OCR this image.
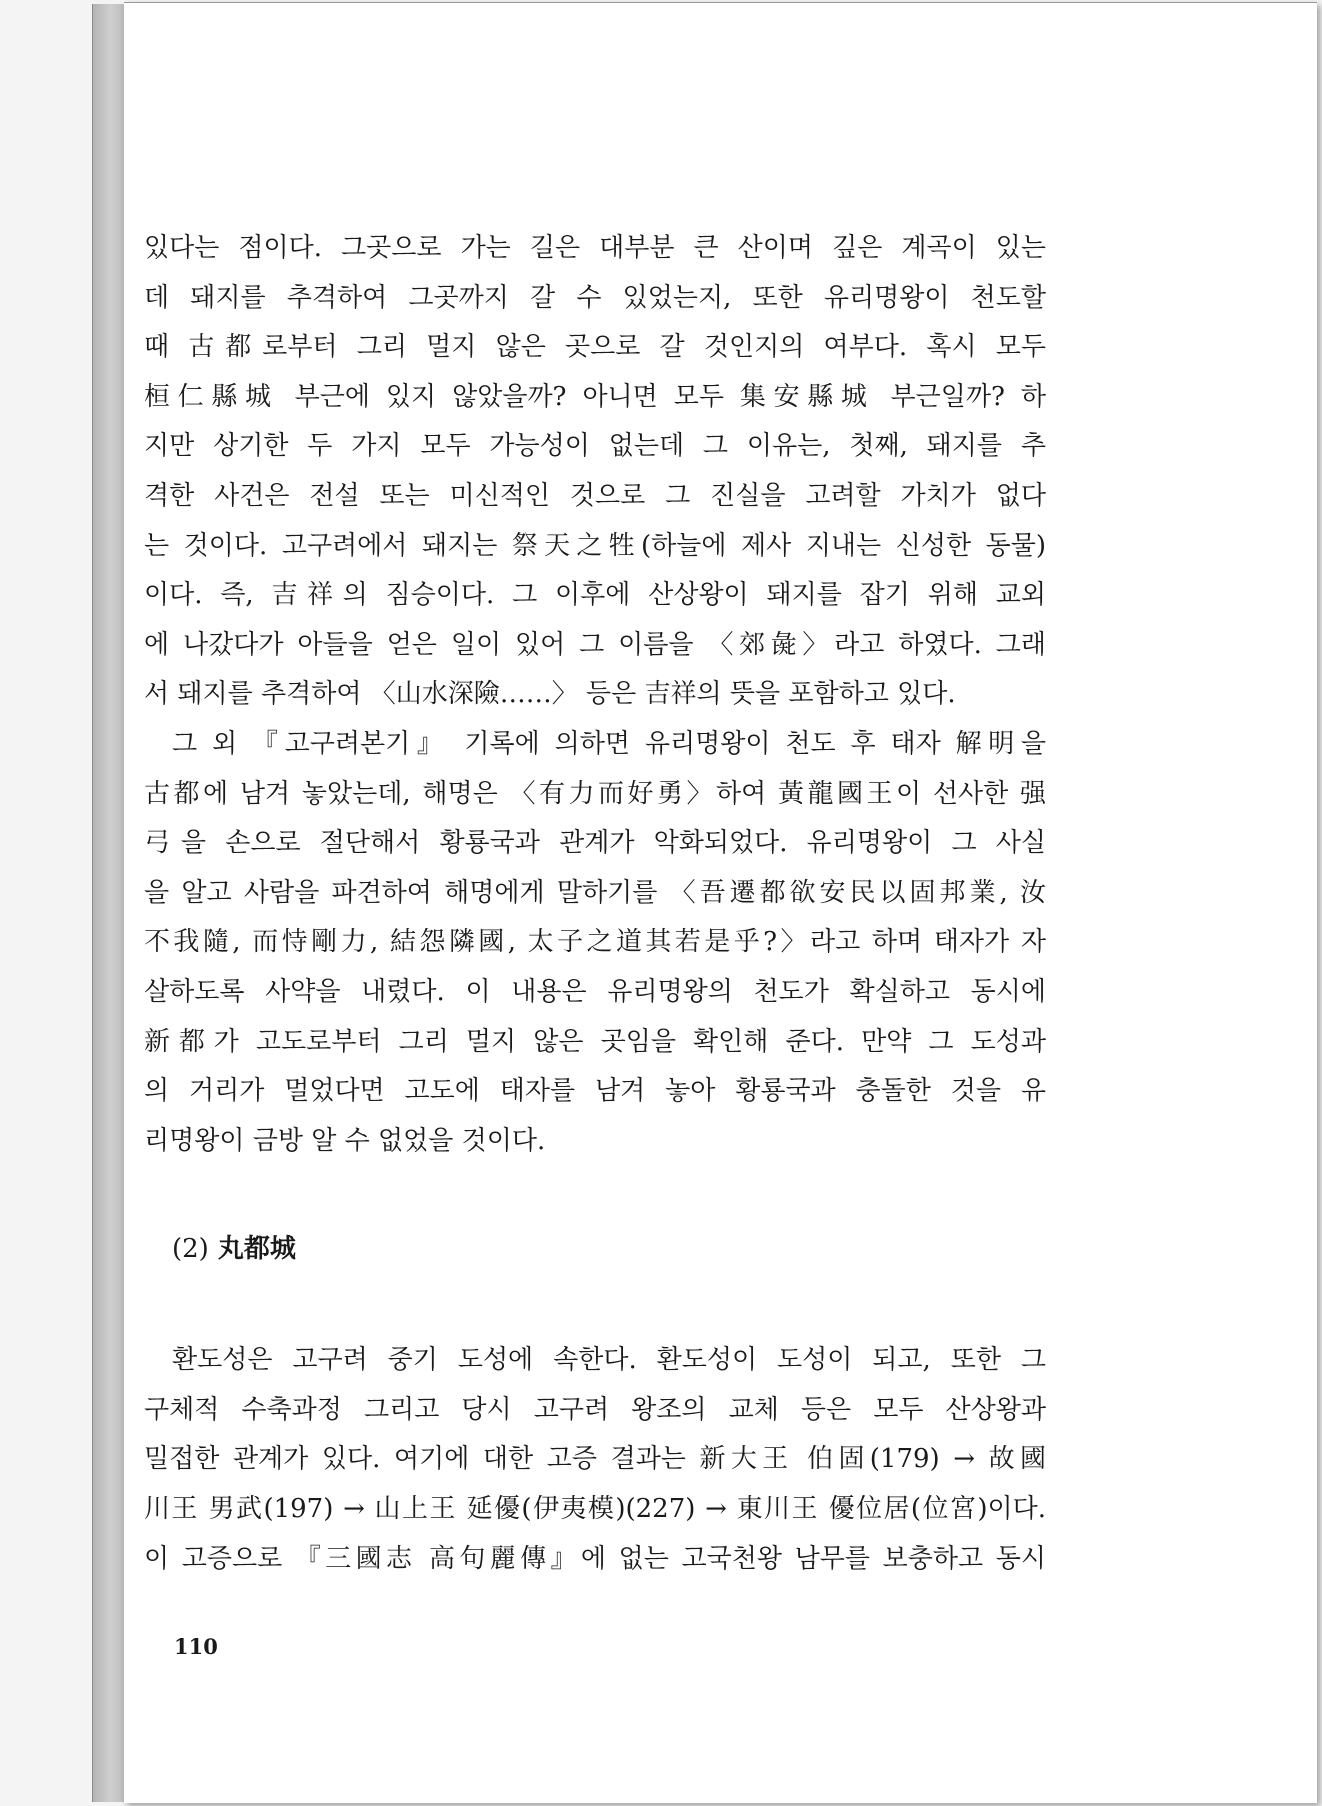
있다는 점이다. 그곳으로 가는 길은 대부분 큰 산이며 깊은 계곡이 있는
데 돼지를 추격하여 그곳까지 갈 수 있었는지, 또한 유리명왕이 천도할
때 古都로부터 그리 멀지 않은 곳으로 갈 것인지의 여부다. 혹시 모두
桓仁縣城 부근에 있지 않았을까? 아니면 모두 集安縣城 부근일까? 하
지만 상기한 두 가지 모두 가능성이 없는데 그 이유는, 첫째, 돼지를 추
격한 사건은 전설 또는 미신적인 것으로 그 진실을 고려할 가치가 없다
는 것이다. 고구려에서 돼지는 祭天之牲(하늘에 제사 지내는 신성한 동물)
이다. 즉, 吉祥의 짐승이다. 그 이후에 산상왕이 돼지를 잡기 위해 교외
에 나갔다가 아들을 얻은 일이 있어 그 이름을 〈郊彘〉라고 하였다. 그래
서 돼지를 추격하여 〈山水深險……〉 등은 吉祥의 뜻을 포함하고 있다.

그 외 『고구려본기』 기록에 의하면 유리명왕이 천도 후 태자 解明을
古都에 남겨 놓았는데, 해명은 〈有力而好勇〉하여 黃龍國王이 선사한 强
弓을 손으로 절단해서 황룡국과 관계가 악화되었다. 유리명왕이 그 사실
을 알고 사람을 파견하여 해명에게 말하기를 〈吾遷都欲安民以固邦業, 汝
不我隨, 而恃剛力, 結怨隣國, 太子之道其若是乎?〉라고 하며 태자가 자
살하도록 사약을 내렸다. 이 내용은 유리명왕의 천도가 확실하고 동시에
新都가 고도로부터 그리 멀지 않은 곳임을 확인해 준다. 만약 그 도성과
의 거리가 멀었다면 고도에 태자를 남겨 놓아 황룡국과 충돌한 것을 유
리명왕이 금방 알 수 없었을 것이다.

(2) 丸都城

환도성은 고구려 중기 도성에 속한다. 환도성이 도성이 되고, 또한 그
구체적 수축과정 그리고 당시 고구려 왕조의 교체 등은 모두 산상왕과
밀접한 관계가 있다. 여기에 대한 고증 결과는 新大王 伯固(179) → 故國
川王 男武(197) → 山上王 延優(伊夷模)(227) → 東川王 優位居(位宮)이다.
이 고증으로 『三國志 高句麗傳』에 없는 고국천왕 남무를 보충하고 동시

110
